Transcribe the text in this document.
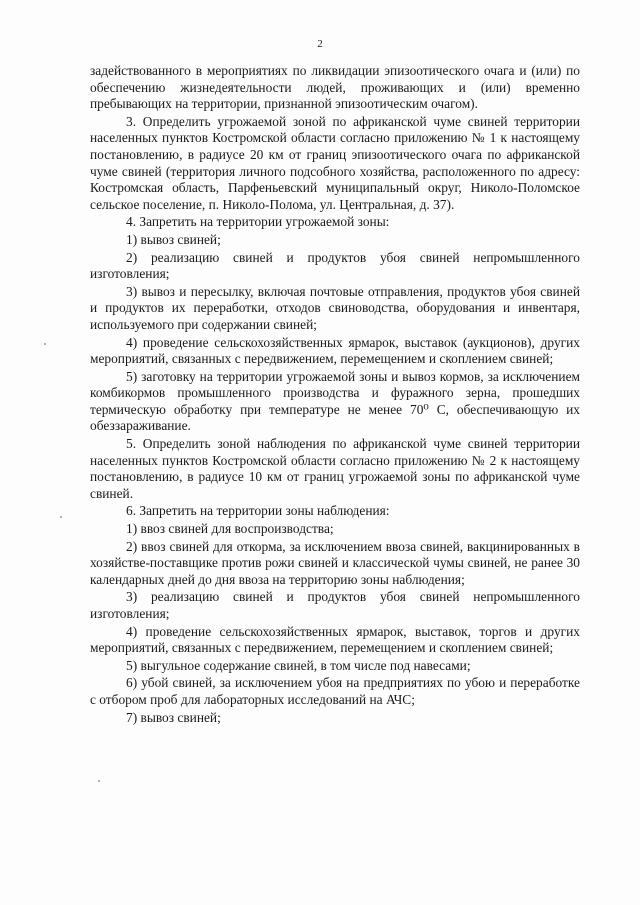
2

задействованного в мероприятиях по ликвидации эпизоотического очага и (или) по обеспечению жизнедеятельности людей, проживающих и (или) временно пребывающих на территории, признанной эпизоотическим очагом).

3. Определить угрожаемой зоной по африканской чуме свиней территории населенных пунктов Костромской области согласно приложению № 1 к настоящему постановлению, в радиусе 20 км от границ эпизоотического очага по африканской чуме свиней (территория личного подсобного хозяйства, расположенного по адресу: Костромская область, Парфеньевский муниципальный округ, Николо-Поломское сельское поселение, п. Николо-Полома, ул. Центральная, д. 37).

4. Запретить на территории угрожаемой зоны:

1) вывоз свиней;

2) реализацию свиней и продуктов убоя свиней непромышленного изготовления;

3) вывоз и пересылку, включая почтовые отправления, продуктов убоя свиней и продуктов их переработки, отходов свиноводства, оборудования и инвентаря, используемого при содержании свиней;

4) проведение сельскохозяйственных ярмарок, выставок (аукционов), других мероприятий, связанных с передвижением, перемещением и скоплением свиней;

5) заготовку на территории угрожаемой зоны и вывоз кормов, за исключением комбикормов промышленного производства и фуражного зерна, прошедших термическую обработку при температуре не менее 70⁰ С, обеспечивающую их обеззараживание.

5. Определить зоной наблюдения по африканской чуме свиней территории населенных пунктов Костромской области согласно приложению № 2 к настоящему постановлению, в радиусе 10 км от границ угрожаемой зоны по африканской чуме свиней.

6. Запретить на территории зоны наблюдения:

1) ввоз свиней для воспроизводства;

2) ввоз свиней для откорма, за исключением ввоза свиней, вакцинированных в хозяйстве-поставщике против рожи свиней и классической чумы свиней, не ранее 30 календарных дней до дня ввоза на территорию зоны наблюдения;

3) реализацию свиней и продуктов убоя свиней непромышленного изготовления;

4) проведение сельскохозяйственных ярмарок, выставок, торгов и других мероприятий, связанных с передвижением, перемещением и скоплением свиней;

5) выгульное содержание свиней, в том числе под навесами;

6) убой свиней, за исключением убоя на предприятиях по убою и переработке с отбором проб для лабораторных исследований на АЧС;

7) вывоз свиней;
